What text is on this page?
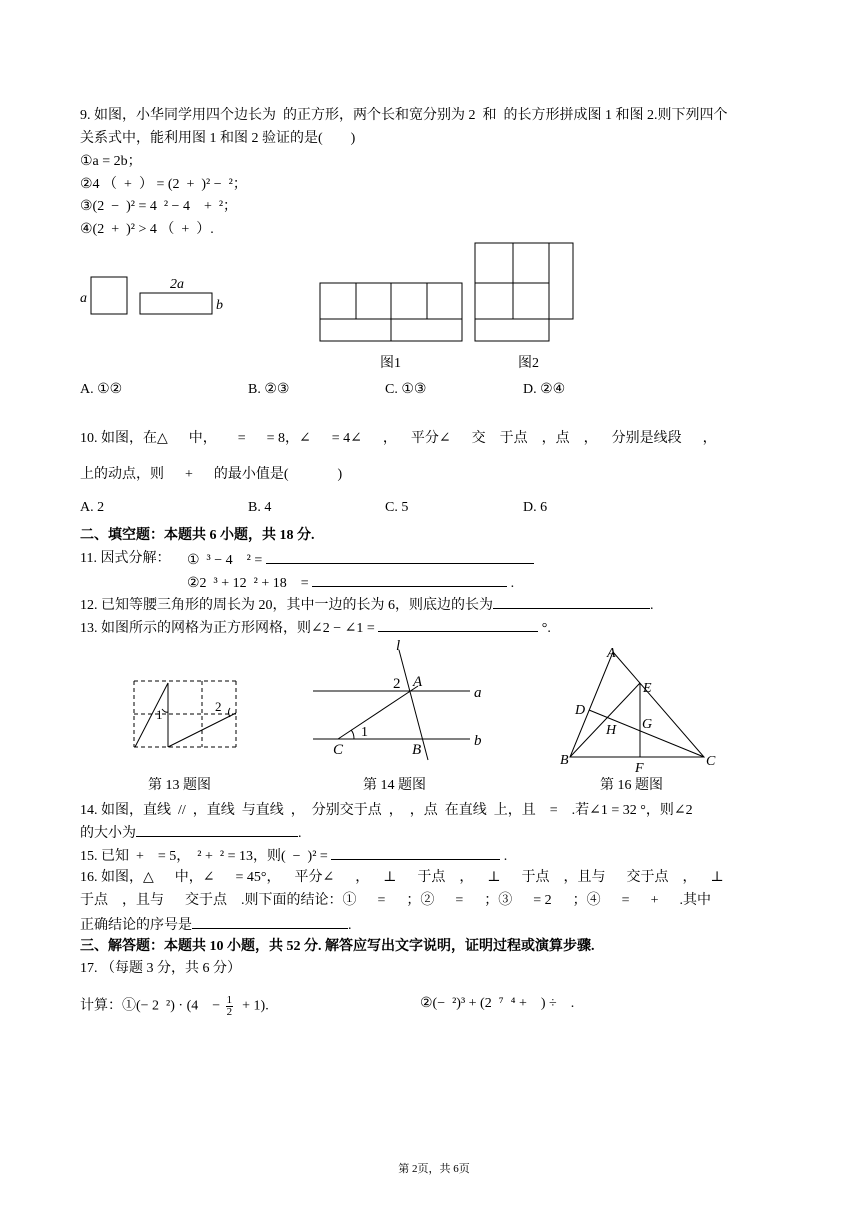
9. 如图，小华同学用四个边长为  的正方形，两个长和宽分别为 2  和  的长方形拼成图 1 和图 2.则下列四个
关系式中，能利用图 1 和图 2 验证的是(        )
①a = 2b；
②4 （  +  ） = (2  +  )² −  ²；
③(2  −  )² = 4  ² − 4    +  ²；
④(2  +  )² > 4 （  +  ）.
图1	图2
A. ①②	B. ②③	C. ①③	D. ②④
10. 如图，在△      中，      =      = 8，∠      = 4∠      ，    平分∠      交    于点    ，点    ，    分别是线段      ，
上的动点，则      +      的最小值是(              )
A. 2	B. 4	C. 5	D. 6
二、填空题：本题共 6 小题，共 18 分.
11. 因式分解： ①  ³ − 4    ² =
②2  ³ + 12  ² + 18    =	.
12. 已知等腰三角形的周长为 20，其中一边的长为 6，则底边的长为	.
13. 如图所示的网格为正方形网格，则∠2 − ∠1 =	°.
第 13 题图	第 14 题图	第 16 题图
14. 如图，直线  //  ，直线  与直线  ，  分别交于点  ，  ，点  在直线  上，且    =    .若∠1 = 32 °，则∠2
的大小为	.
15. 已知  +    = 5，  ² +  ² = 13，则(  −  )² =	.
16. 如图，△      中，∠      = 45°，    平分∠      ，    ⊥      于点    ，    ⊥      于点    ，且与      交于点    ，    ⊥
于点    ，且与      交于点    .则下面的结论：①      =      ；②      =      ；③      = 2      ；④      =      +      .其中
正确结论的序号是	.
三、解答题：本题共 10 小题，共 52 分. 解答应写出文字说明，证明过程或演算步骤.
17. （每题 3 分，共 6 分）
计算：①(− 2  ²) · (4    − $\frac{1}{2} + 1$).	②(−  ²)³ + (2  ⁷  ⁴ +    ) ÷    .
第 2页，共 6页
a
2a
b
1
2
l
2 A
a
1
C	B
b
A
E
D
G
H
B
F	C
